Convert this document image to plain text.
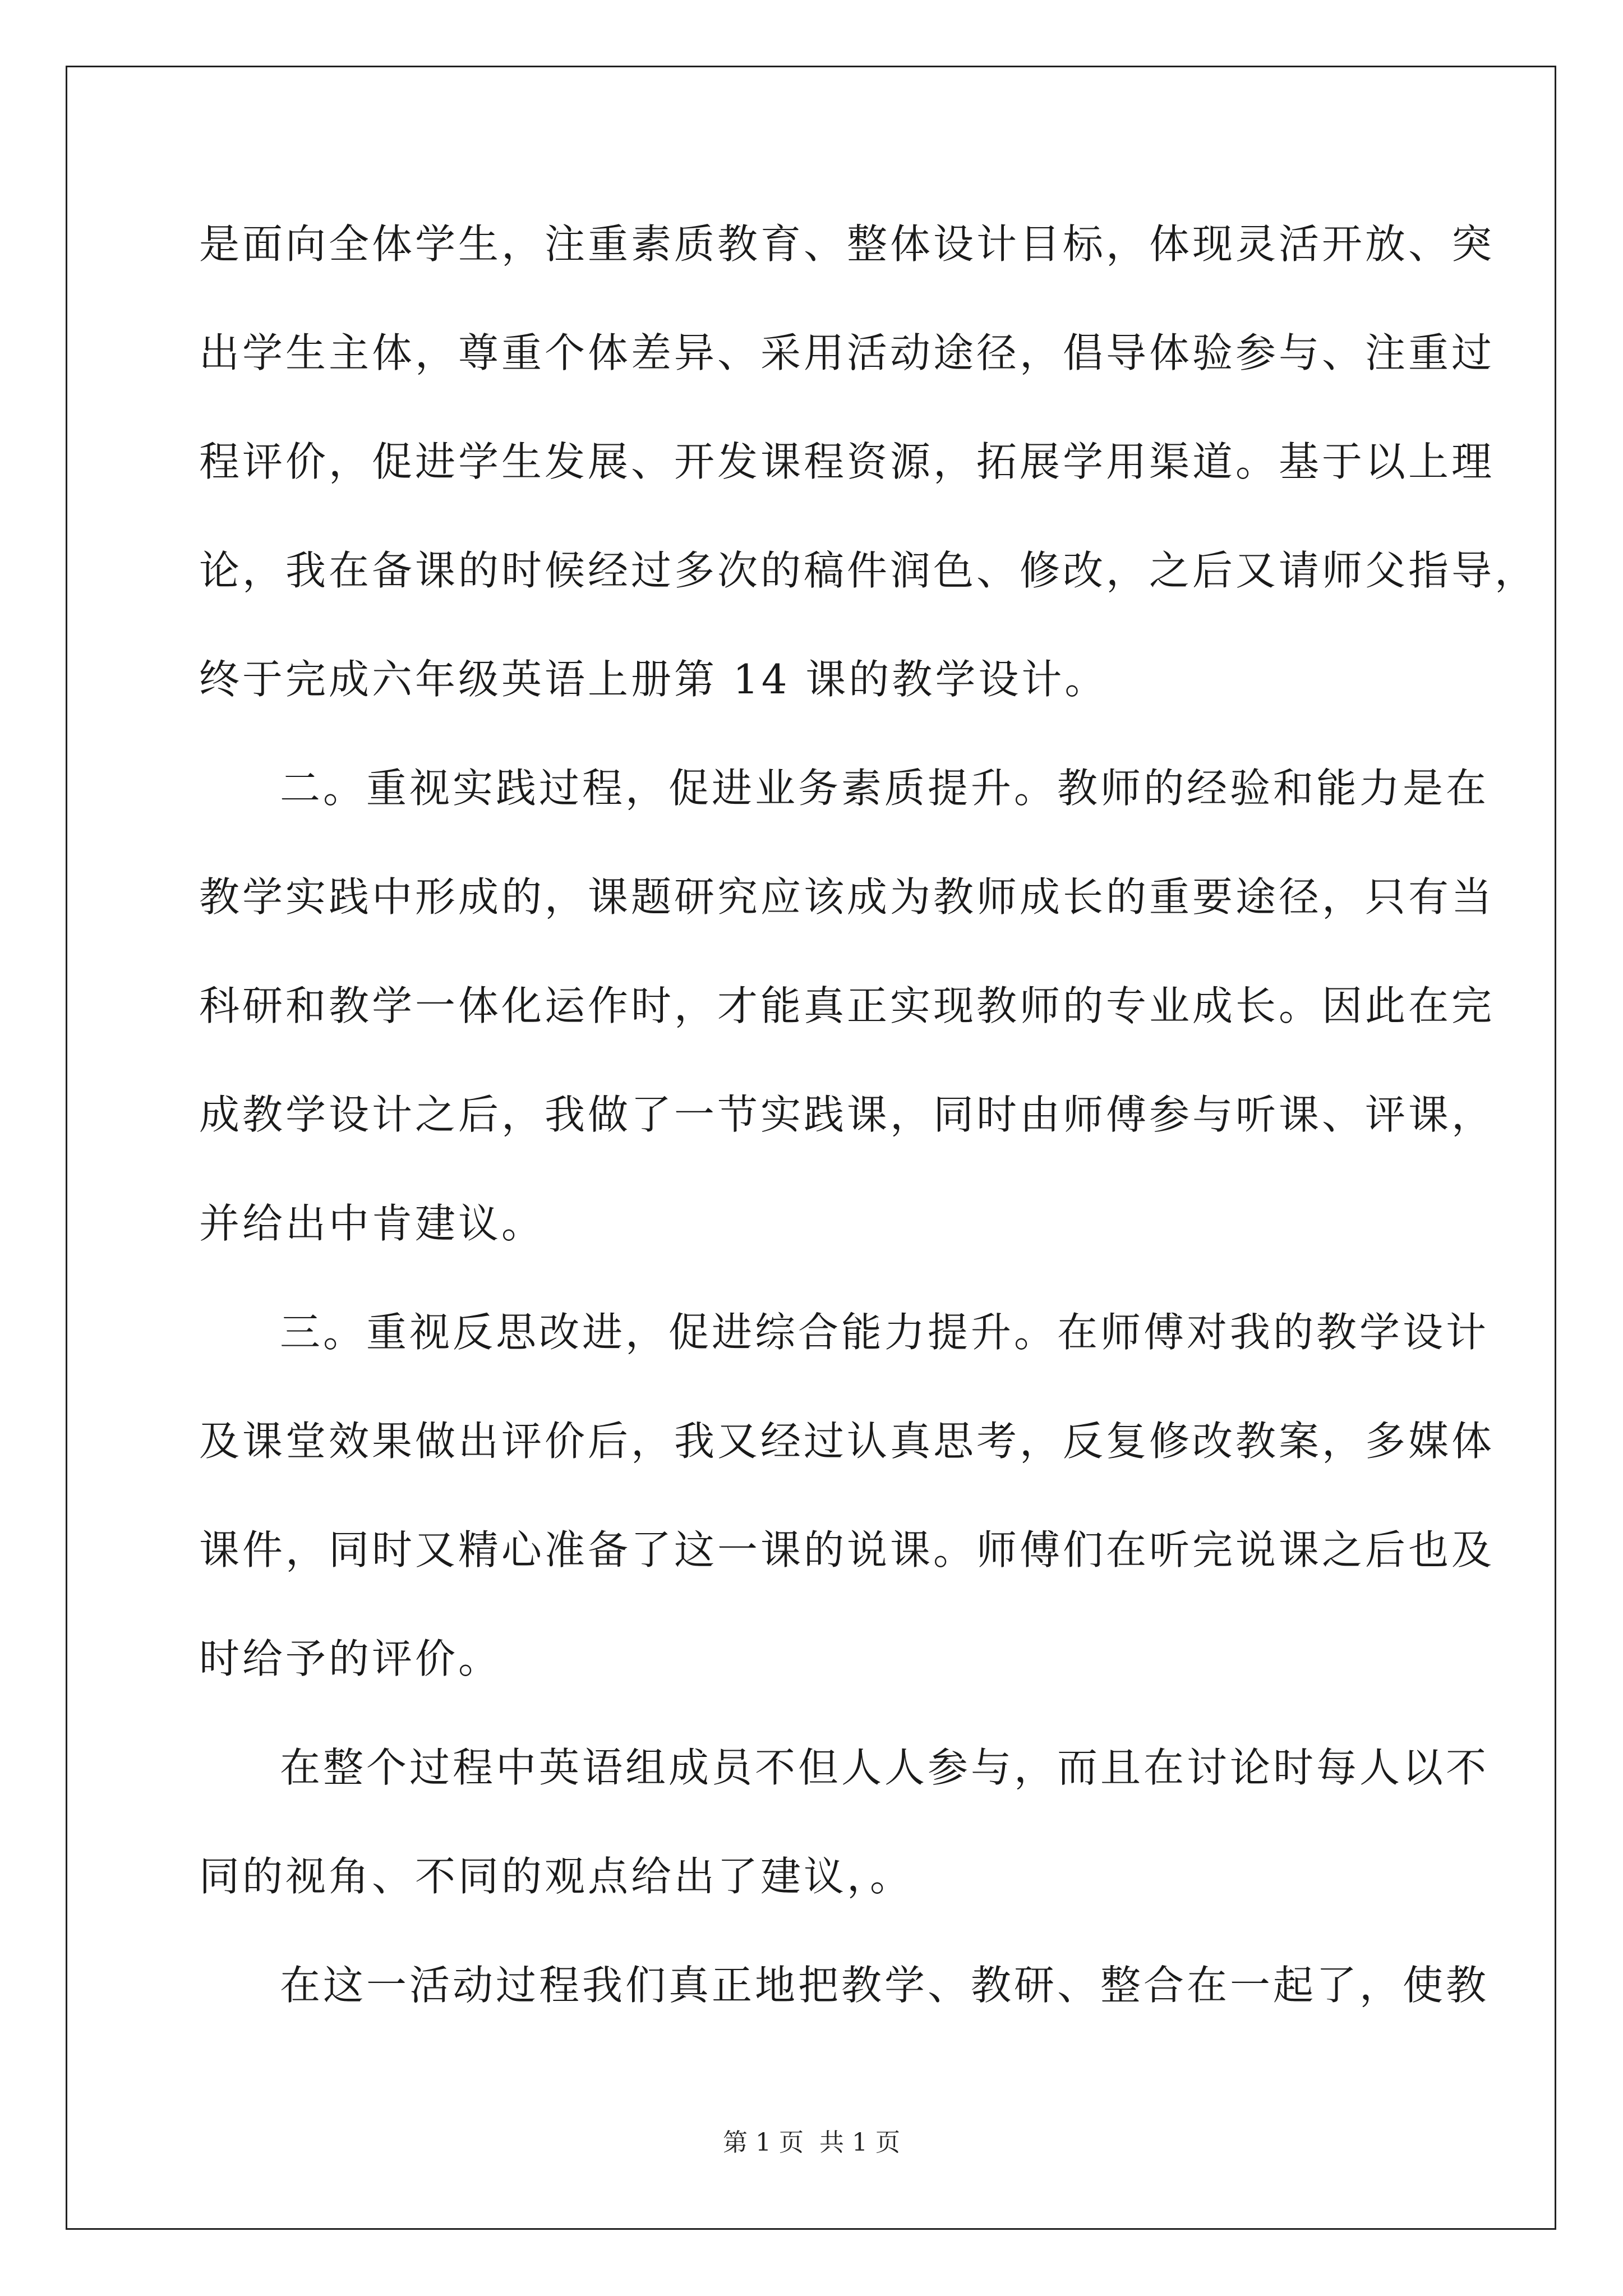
是面向全体学生，注重素质教育、整体设计目标，体现灵活开放、突
出学生主体，尊重个体差异、采用活动途径，倡导体验参与、注重过
程评价，促进学生发展、开发课程资源，拓展学用渠道。基于以上理
论，我在备课的时候经过多次的稿件润色、修改，之后又请师父指导，
终于完成六年级英语上册第 14 课的教学设计。
二。重视实践过程，促进业务素质提升。教师的经验和能力是在
教学实践中形成的，课题研究应该成为教师成长的重要途径，只有当
科研和教学一体化运作时，才能真正实现教师的专业成长。因此在完
成教学设计之后，我做了一节实践课，同时由师傅参与听课、评课，
并给出中肯建议。
三。重视反思改进，促进综合能力提升。在师傅对我的教学设计
及课堂效果做出评价后，我又经过认真思考，反复修改教案，多媒体
课件，同时又精心准备了这一课的说课。师傅们在听完说课之后也及
时给予的评价。
在整个过程中英语组成员不但人人参与，而且在讨论时每人以不
同的视角、不同的观点给出了建议，。
在这一活动过程我们真正地把教学、教研、整合在一起了，使教
第 1 页 共 1 页
